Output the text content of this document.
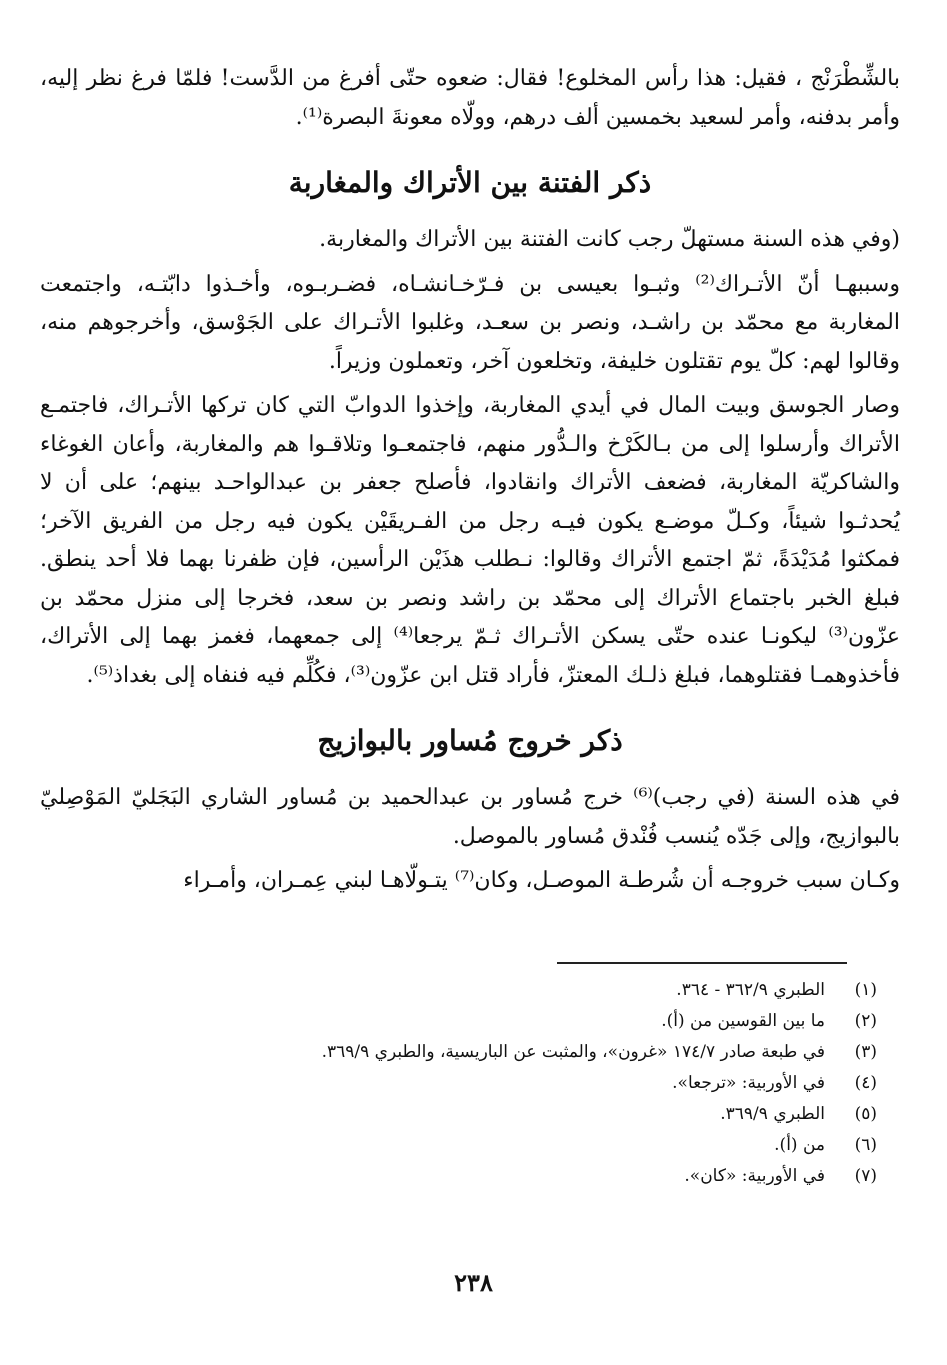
بالشِّطْرَنْج ، فقيل: هذا رأس المخلوع! فقال: ضعوه حتّى أفرغ من الدَّست! فلمّا فرغ نظر إليه، وأمر بدفنه، وأمر لسعيد بخمسين ألف درهم، وولّاه معونةَ البصرة⁽¹⁾.

ذكر الفتنة بين الأتراك والمغاربة

(وفي هذه السنة مستهلّ رجب كانت الفتنة بين الأتراك والمغاربة.

وسببهـا أنّ الأتـراك⁽²⁾ وثبـوا بعيسى بن فـرّخـانشـاه، فضـربـوه، وأخـذوا دابّتـه، واجتمعت المغاربة مع محمّد بن راشـد، ونصر بن سعـد، وغلبوا الأتـراك على الجَوْسق، وأخرجوهم منه، وقالوا لهم: كلّ يوم تقتلون خليفة، وتخلعون آخر، وتعملون وزيراً.

وصار الجوسق وبيت المال في أيدي المغاربة، وإخذوا الدوابّ التي كان تركها الأتـراك، فاجتمـع الأتراك وأرسلوا إلى من بـالكَرْخ والـدُّور منهم، فاجتمعـوا وتلاقـوا هم والمغاربة، وأعان الغوغاء والشاكريّة المغاربة، فضعف الأتراك وانقادوا، فأصلح جعفر بن عبدالواحـد بينهم؛ على أن لا يُحدثـوا شيئاً، وكـلّ موضـع يكون فيـه رجل من الفـريقَيْن يكون فيه رجل من الفريق الآخر؛ فمكثوا مُدَيْدَةً، ثمّ اجتمع الأتراك وقالوا: نـطلب هذَيْن الرأسين، فإن ظفرنا بهما فلا أحد ينطق. فبلغ الخبر باجتماع الأتراك إلى محمّد بن راشد ونصر بن سعد، فخرجا إلى منزل محمّد بن عزّون⁽³⁾ ليكونـا عنده حتّى يسكن الأتـراك ثـمّ يرجعا⁽⁴⁾ إلى جمعهما، فغمز بهما إلى الأتراك، فأخذوهمـا فقتلوهما، فبلغ ذلـك المعتزّ، فأراد قتل ابن عزّون⁽³⁾، فكُلِّم فيه فنفاه إلى بغداذ⁽⁵⁾.

ذكر خروج مُساور بالبوازيج

في هذه السنة (في رجب)⁽⁶⁾ خرج مُساور بن عبدالحميد بن مُساور الشاري البَجَليّ المَوْصِليّ بالبوازيج، وإلى جَدّه يُنسب فُنْدق مُساور بالموصل.

وكـان سبب خروجـه أن شُرطـة الموصـل، وكان⁽⁷⁾ يتـولّاهـا لبني عِمـران، وأمـراء

(١)
الطبري ٣٦٢/٩ - ٣٦٤.
(٢)
ما بين القوسين من (أ).
(٣)
في طبعة صادر ١٧٤/٧ «غرون»، والمثبت عن الباريسية، والطبري ٣٦٩/٩.
(٤)
في الأوربية: «ترجعا».
(٥)
الطبري ٣٦٩/٩.
(٦)
من (أ).
(٧)
في الأوربية: «كان».
٢٣٨
